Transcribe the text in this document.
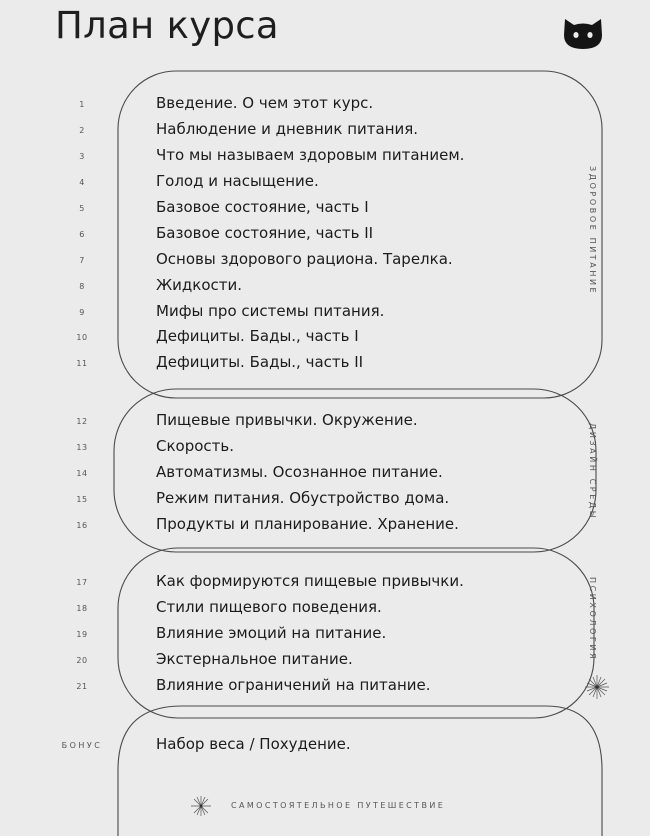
План курса
1	Введение. О чем этот курс.
2	Наблюдение и дневник питания.
3	Что мы называем здоровым питанием.
4	Голод и насыщение.
5	Базовое состояние, часть I
6	Базовое состояние, часть II
7	Основы здорового рациона. Тарелка.
8	Жидкости.
9	Мифы про системы питания.
10	Дефициты. Бады., часть I
11	Дефициты. Бады., часть II
ЗДОРОВОЕ ПИТАНИЕ
12	Пищевые привычки. Окружение.
13	Скорость.
14	Автоматизмы. Осознанное питание.
15	Режим питания. Обустройство дома.
16	Продукты и планирование. Хранение.
ДИЗАЙН СРЕДЫ
17	Как формируются пищевые привычки.
18	Стили пищевого поведения.
19	Влияние эмоций на питание.
20	Экстернальное питание.
21	Влияние ограничений на питание.
ПСИХОЛОГИЯ
БОНУС	Набор веса / Похудение.
САМОСТОЯТЕЛЬНОЕ ПУТЕШЕСТВИЕ
